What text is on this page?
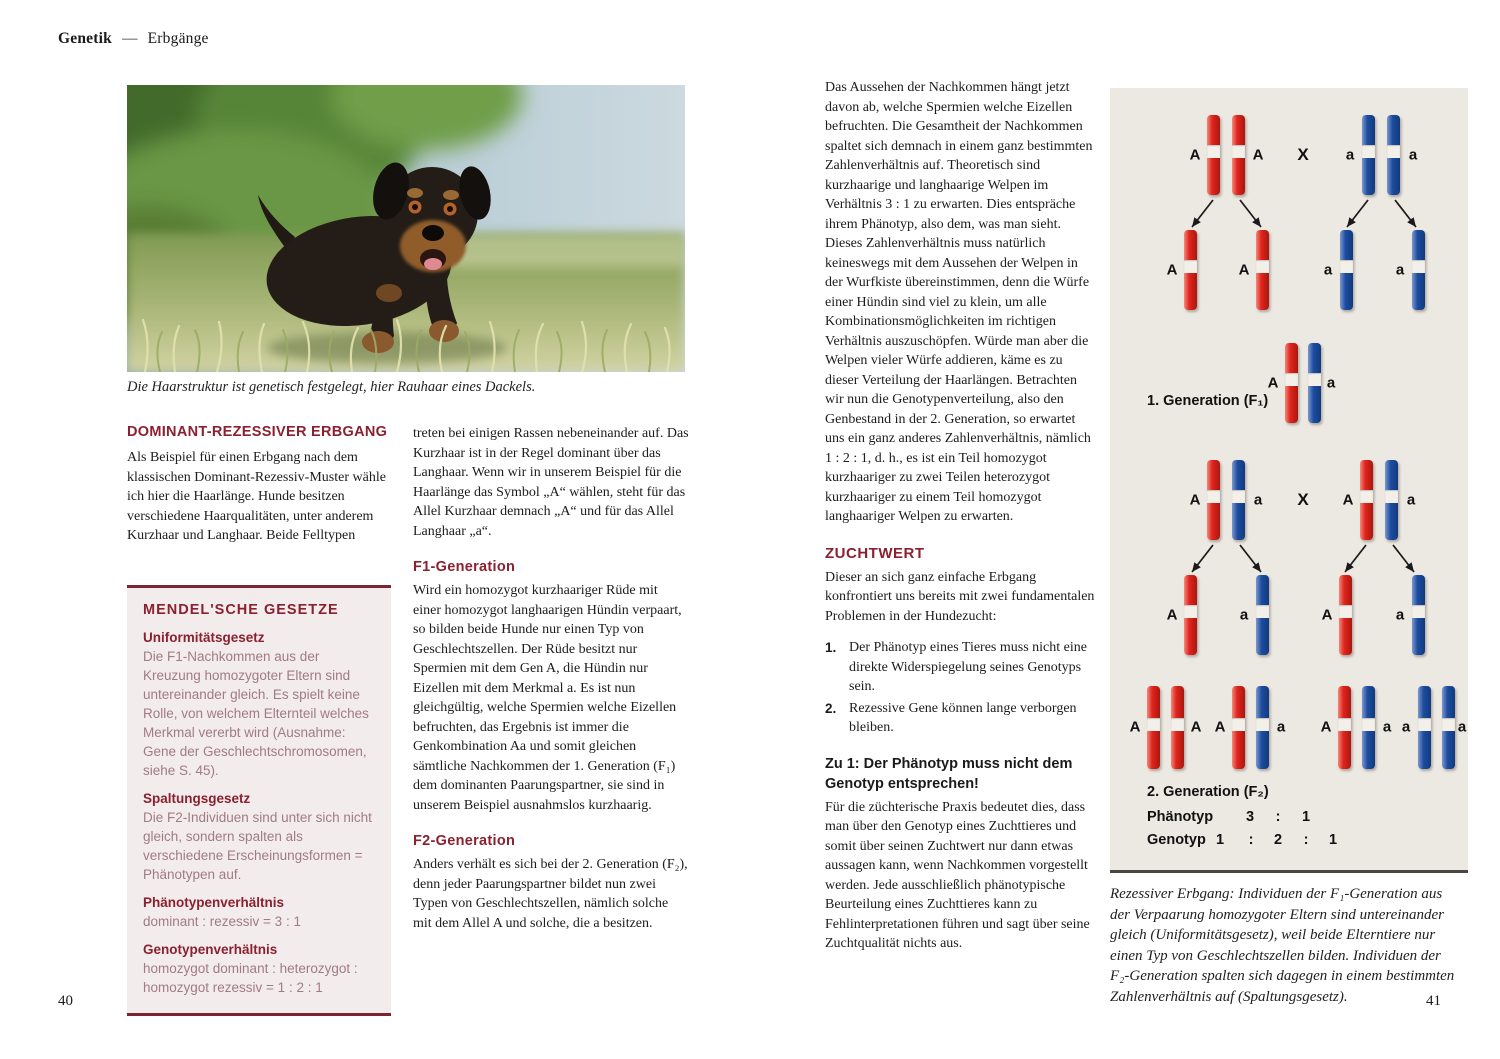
Genetik — Erbgänge
Die Haarstruktur ist genetisch festgelegt, hier Rauhaar eines Dackels.
DOMINANT-REZESSIVER ERBGANG
Als Beispiel für einen Erbgang nach dem klassischen Dominant-Rezessiv-Muster wähle ich hier die Haarlänge. Hunde besitzen verschiedene Haarqualitäten, unter anderem Kurzhaar und Langhaar. Beide Felltypen
MENDEL'SCHE GESETZE
Uniformitätsgesetz
Die F1-Nachkommen aus der Kreuzung homozygoter Eltern sind untereinander gleich. Es spielt keine Rolle, von welchem Elternteil welches Merkmal vererbt wird (Ausnahme: Gene der Geschlechtschromosomen, siehe S. 45).
Spaltungsgesetz
Die F2-Individuen sind unter sich nicht gleich, sondern spalten als verschiedene Erscheinungsformen = Phänotypen auf.
Phänotypenverhältnis
dominant : rezessiv = 3 : 1
Genotypenverhältnis
homozygot dominant : heterozygot : homozygot rezessiv = 1 : 2 : 1
treten bei einigen Rassen nebeneinander auf. Das Kurzhaar ist in der Regel dominant über das Langhaar. Wenn wir in unserem Beispiel für die Haarlänge das Symbol „A“ wählen, steht für das Allel Kurzhaar demnach „A“ und für das Allel Langhaar „a“.
F1-Generation
Wird ein homozygot kurzhaariger Rüde mit einer homozygot langhaarigen Hündin verpaart, so bilden beide Hunde nur einen Typ von Geschlechtszellen. Der Rüde besitzt nur Spermien mit dem Gen A, die Hündin nur Eizellen mit dem Merkmal a. Es ist nun gleichgültig, welche Spermien welche Eizellen befruchten, das Ergebnis ist immer die Genkombination Aa und somit gleichen sämtliche Nachkommen der 1. Generation (F₁) dem dominanten Paarungspartner, sie sind in unserem Beispiel ausnahmslos kurzhaarig.
F2-Generation
Anders verhält es sich bei der 2. Generation (F₂), denn jeder Paarungspartner bildet nun zwei Typen von Geschlechtszellen, nämlich solche mit dem Allel A und solche, die a besitzen.
Das Aussehen der Nachkommen hängt jetzt davon ab, welche Spermien welche Eizellen befruchten. Die Gesamtheit der Nachkommen spaltet sich demnach in einem ganz bestimmten Zahlenverhältnis auf. Theoretisch sind kurzhaarige und langhaarige Welpen im Verhältnis 3 : 1 zu erwarten. Dies entspräche ihrem Phänotyp, also dem, was man sieht. Dieses Zahlenverhältnis muss natürlich keineswegs mit dem Aussehen der Welpen in der Wurfkiste übereinstimmen, denn die Würfe einer Hündin sind viel zu klein, um alle Kombinationsmöglichkeiten im richtigen Verhältnis auszuschöpfen. Würde man aber die Welpen vieler Würfe addieren, käme es zu dieser Verteilung der Haarlängen. Betrachten wir nun die Genotypenverteilung, also den Genbestand in der 2. Generation, so erwartet uns ein ganz anderes Zahlenverhältnis, nämlich 1 : 2 : 1, d. h., es ist ein Teil homozygot kurzhaariger zu zwei Teilen heterozygot kurzhaariger zu einem Teil homozygot langhaariger Welpen zu erwarten.
ZUCHTWERT
Dieser an sich ganz einfache Erbgang konfrontiert uns bereits mit zwei fundamentalen Problemen in der Hundezucht:
1. Der Phänotyp eines Tieres muss nicht eine direkte Widerspiegelung seines Genotyps sein.
2. Rezessive Gene können lange verborgen bleiben.
Zu 1: Der Phänotyp muss nicht dem Genotyp entsprechen!
Für die züchterische Praxis bedeutet dies, dass man über den Genotyp eines Zuchttieres und somit über seinen Zuchtwert nur dann etwas aussagen kann, wenn Nachkommen vorgestellt werden. Jede ausschließlich phänotypische Beurteilung eines Zuchttieres kann zu Fehlinterpretationen führen und sagt über seine Zuchtqualität nichts aus.
A	A	a	a
A	A	a	a
A	a
A	a	A	a
A	a	A	a
A	A A	a A	a a	a
X
X
1. Generation (F₁)
2. Generation (F₂)
Phänotyp 3 : 1
Genotyp 1 : 2 : 1
Rezessiver Erbgang: Individuen der F₁-Generation aus der Verpaarung homozygoter Eltern sind untereinander gleich (Uniformitätsgesetz), weil beide Elterntiere nur einen Typ von Geschlechtszellen bilden. Individuen der F₂-Generation spalten sich dagegen in einem bestimmten Zahlenverhältnis auf (Spaltungsgesetz).
40	41
